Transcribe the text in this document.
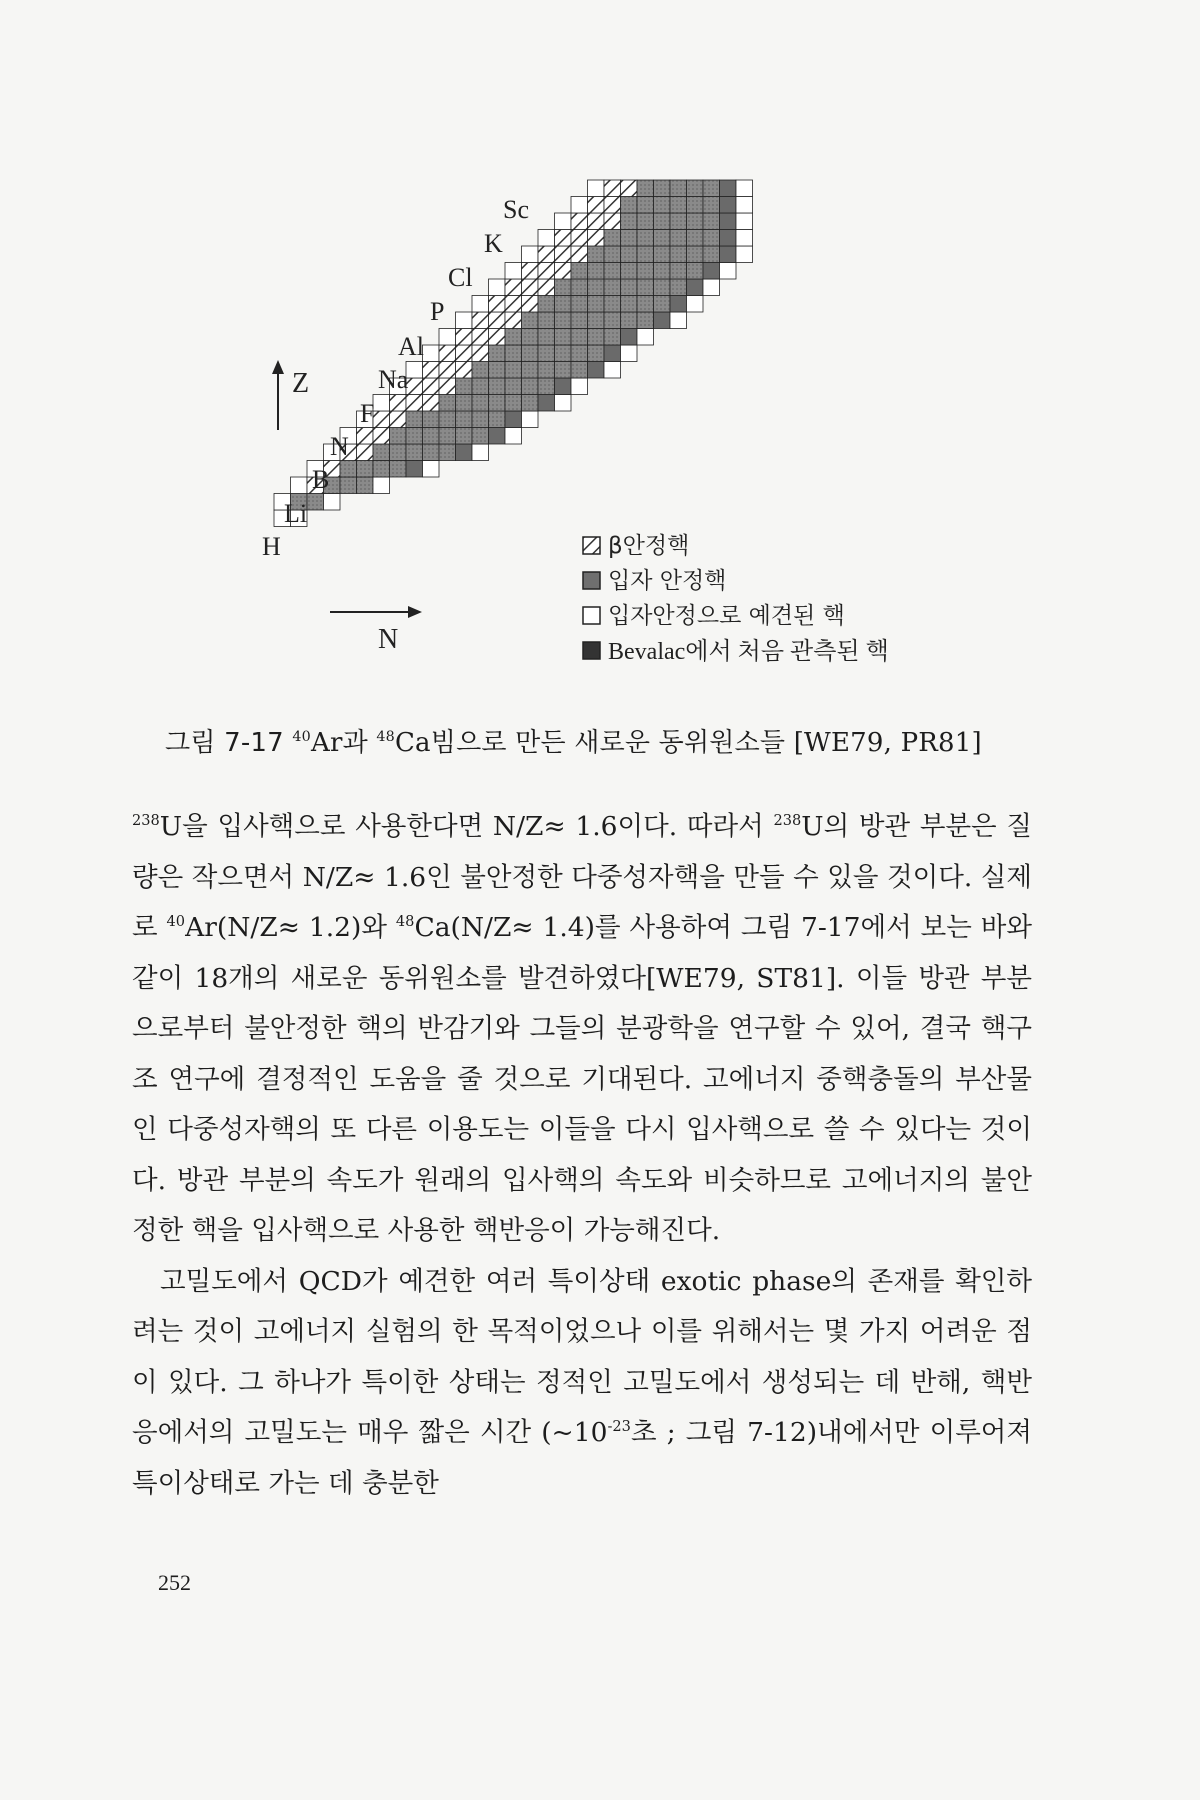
H
Li
B
N
F
Na
Al
P
Cl
K
Sc
Z
N
β안정핵
입자 안정핵
입자안정으로 예견된 핵
Bevalac에서 처음 관측된 핵
그림 7-17 $^{40}$Ar과 $^{48}$Ca빔으로 만든 새로운 동위원소들 [WE79, PR81]

$^{238}$U을 입사핵으로 사용한다면 N/Z≈ 1.6이다. 따라서 $^{238}$U의 방관 부분은 질량은 작으면서 N/Z≈ 1.6인 불안정한 다중성자핵을 만들 수 있을 것이다. 실제로 $^{40}$Ar(N/Z≈ 1.2)와 $^{48}$Ca(N/Z≈ 1.4)를 사용하여 그림 7-17에서 보는 바와 같이 18개의 새로운 동위원소를 발견하였다[WE79, ST81]. 이들 방관 부분으로부터 불안정한 핵의 반감기와 그들의 분광학을 연구할 수 있어, 결국 핵구조 연구에 결정적인 도움을 줄 것으로 기대된다. 고에너지 중핵충돌의 부산물인 다중성자핵의 또 다른 이용도는 이들을 다시 입사핵으로 쓸 수 있다는 것이다. 방관 부분의 속도가 원래의 입사핵의 속도와 비슷하므로 고에너지의 불안정한 핵을 입사핵으로 사용한 핵반응이 가능해진다.

고밀도에서 QCD가 예견한 여러 특이상태 exotic phase의 존재를 확인하려는 것이 고에너지 실험의 한 목적이었으나 이를 위해서는 몇 가지 어려운 점이 있다. 그 하나가 특이한 상태는 정적인 고밀도에서 생성되는 데 반해, 핵반응에서의 고밀도는 매우 짧은 시간 ($\sim 10^{-23}$초 ; 그림 7-12)내에서만 이루어져 특이상태로 가는 데 충분한

252
